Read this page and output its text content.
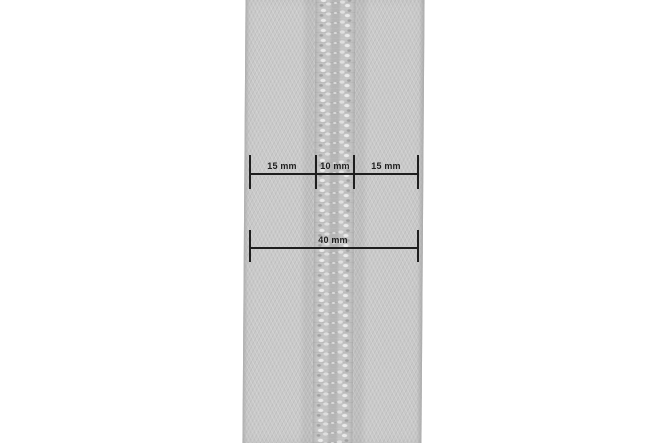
15 mm	10 mm 15 mm
40 mm
